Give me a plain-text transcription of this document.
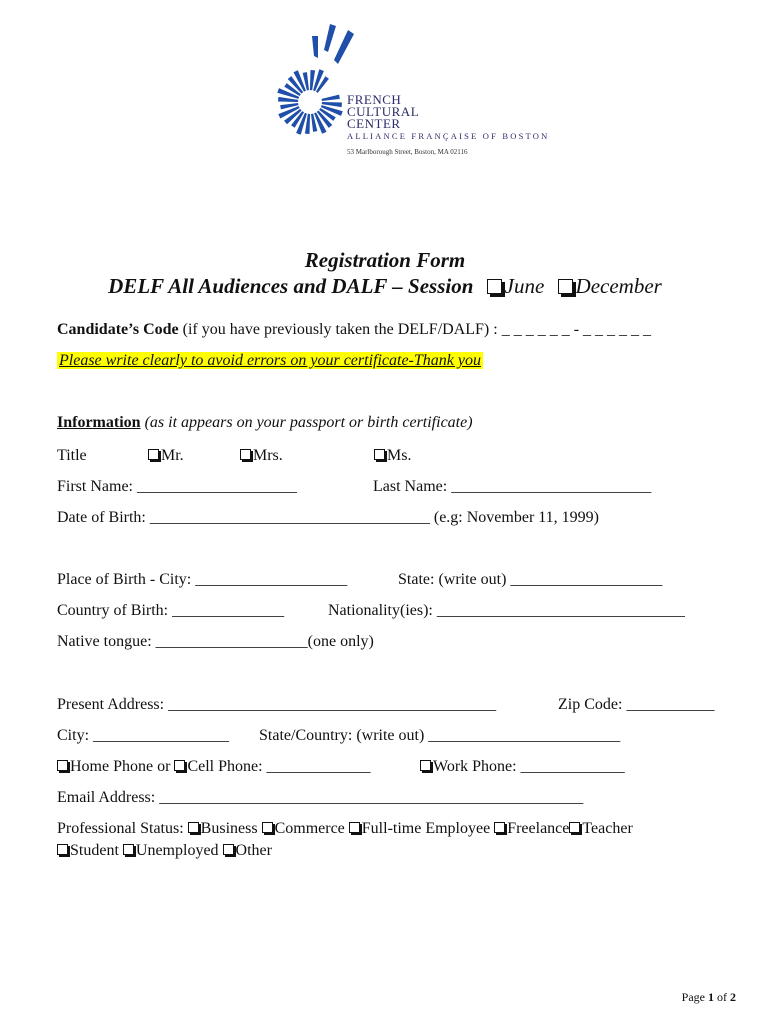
FRENCH
CULTURAL
CENTER
ALLIANCE FRANÇAISE OF BOSTON
53 Marlborough Street, Boston, MA 02116
Registration Form
DELF All Audiences and DALF – Session June December
Candidate’s Code (if you have previously taken the DELF/DALF) : _ _ _ _ _ _ - _ _ _ _ _ _
Please write clearly to avoid errors on your certificate-Thank you
Information (as it appears on your passport or birth certificate)
Title	Mr.	Mrs.	Ms.
First Name: ____________________	Last Name: _________________________
Date of Birth: ___________________________________ (e.g: November 11, 1999)
Place of Birth - City: ___________________	State: (write out) ___________________
Country of Birth: ______________	Nationality(ies): _______________________________
Native tongue: ___________________(one only)
Present Address: _________________________________________	Zip Code: ___________
City: _________________ State/Country: (write out) ________________________
Home Phone or Cell Phone: _____________	Work Phone: _____________
Email Address: _____________________________________________________
Professional Status: Business Commerce Full-time Employee Freelance Teacher
Student Unemployed Other
Page 1 of 2
